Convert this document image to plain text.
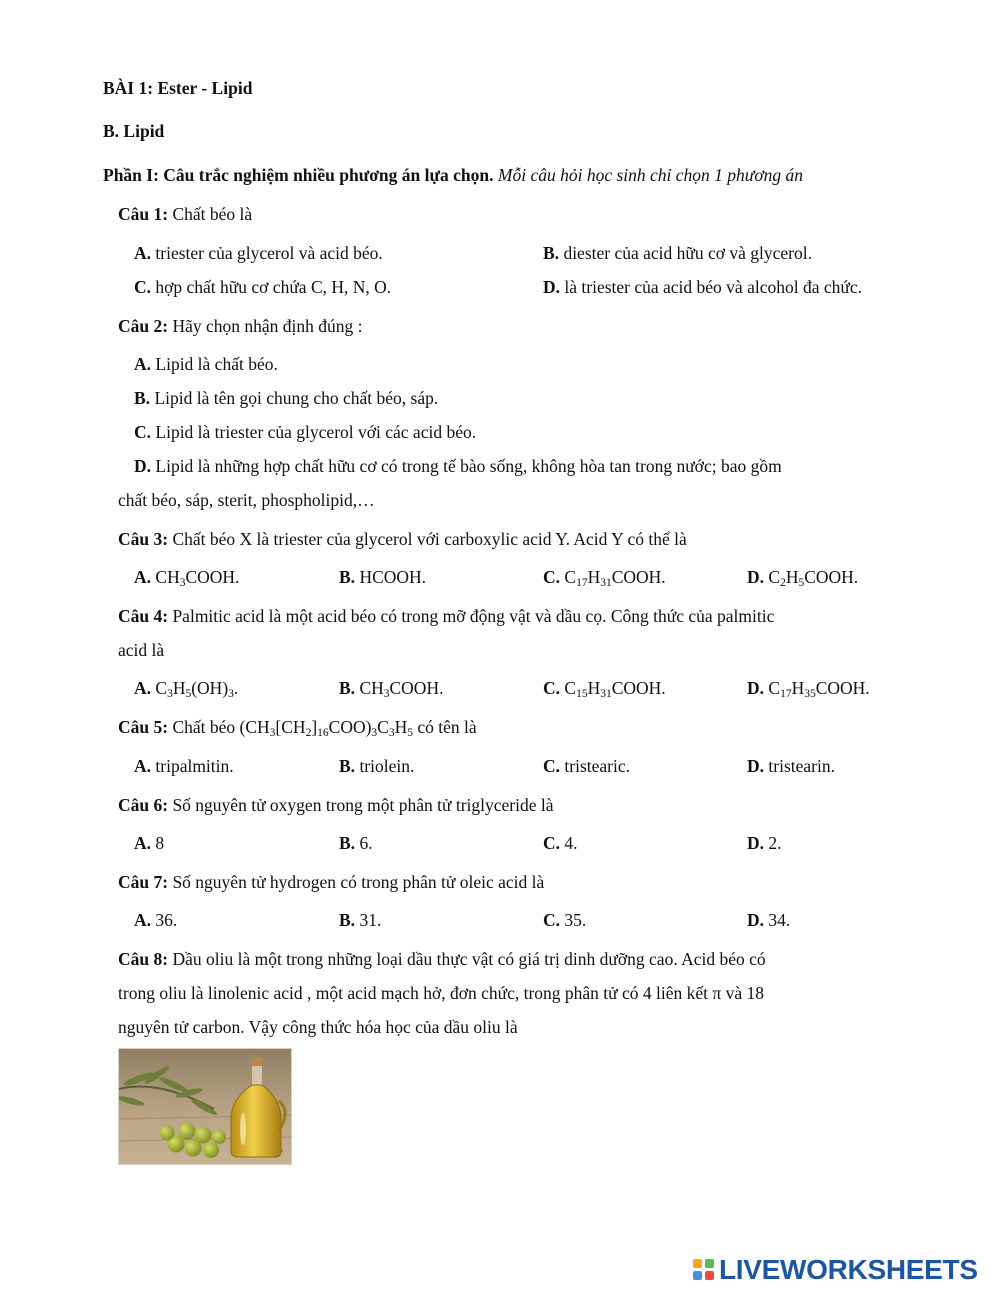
BÀI 1: Ester - Lipid
B. Lipid
Phần I: Câu trắc nghiệm nhiều phương án lựa chọn. Mỗi câu hỏi học sinh chỉ chọn 1 phương án
Câu 1: Chất béo là
A. triester của glycerol và acid béo.	B. diester của acid hữu cơ và glycerol.
C. hợp chất hữu cơ chứa C, H, N, O.	D. là triester của acid béo và alcohol đa chức.
Câu 2: Hãy chọn nhận định đúng :
A. Lipid là chất béo.
B. Lipid là tên gọi chung cho chất béo, sáp.
C. Lipid là triester của glycerol với các acid béo.
D. Lipid là những hợp chất hữu cơ có trong tế bào sống, không hòa tan trong nước; bao gồm
chất béo, sáp, sterit, phospholipid,…
Câu 3: Chất béo X là triester của glycerol với carboxylic acid Y. Acid Y có thể là
A. $CH_3COOH$.	B. HCOOH.	C. $C_{17}H_{31}COOH$.	D. $C_2H_5COOH$.
Câu 4: Palmitic acid là một acid béo có trong mỡ động vật và dầu cọ. Công thức của palmitic
acid là
A. $C_3H_5(OH)_3$.	B. $CH_3COOH$.	C. $C_{15}H_{31}COOH$.	D. $C_{17}H_{35}COOH$.
Câu 5: Chất béo $(CH_3[CH_2]_{16}COO)_3C_3H_5$ có tên là
A. tripalmitin.	B. triolein.	C. tristearic.	D. tristearin.
Câu 6: Số nguyên tử oxygen trong một phân tử triglyceride là
A. 8	B. 6.	C. 4.	D. 2.
Câu 7: Số nguyên tử hydrogen có trong phân tử oleic acid là
A. 36.	B. 31.	C. 35.	D. 34.
Câu 8: Dầu oliu là một trong những loại dầu thực vật có giá trị dinh dưỡng cao. Acid béo có
trong oliu là linolenic acid , một acid mạch hở, đơn chức, trong phân tử có 4 liên kết π và 18
nguyên tử carbon. Vậy công thức hóa học của dầu oliu là
LIVEWORKSHEETS
